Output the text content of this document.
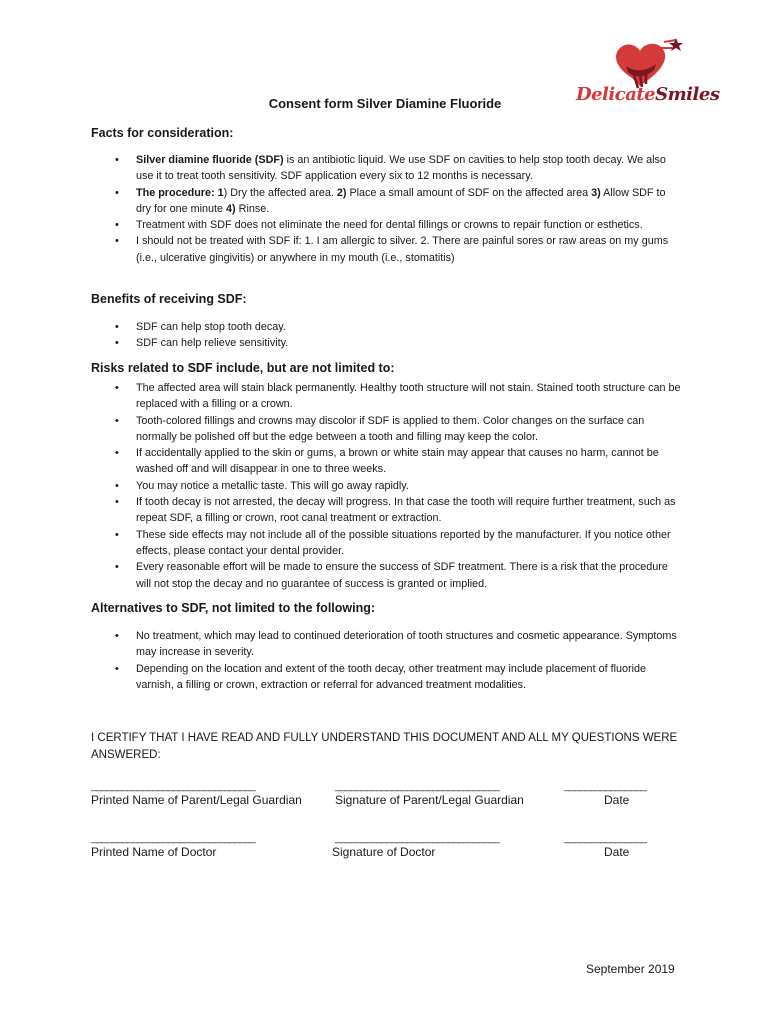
DelicateSmiles
Consent form Silver Diamine Fluoride
Facts for consideration:
• Silver diamine fluoride (SDF) is an antibiotic liquid. We use SDF on cavities to help stop tooth decay. We also use it to treat tooth sensitivity. SDF application every six to 12 months is necessary.
• The procedure: 1) Dry the affected area. 2) Place a small amount of SDF on the affected area 3) Allow SDF to dry for one minute 4) Rinse.
• Treatment with SDF does not eliminate the need for dental fillings or crowns to repair function or esthetics.
• I should not be treated with SDF if: 1. I am allergic to silver. 2. There are painful sores or raw areas on my gums (i.e., ulcerative gingivitis) or anywhere in my mouth (i.e., stomatitis)
Benefits of receiving SDF:
• SDF can help stop tooth decay.
• SDF can help relieve sensitivity.
Risks related to SDF include, but are not limited to:
• The affected area will stain black permanently. Healthy tooth structure will not stain. Stained tooth structure can be replaced with a filling or a crown.
• Tooth-colored fillings and crowns may discolor if SDF is applied to them. Color changes on the surface can normally be polished off but the edge between a tooth and filling may keep the color.
• If accidentally applied to the skin or gums, a brown or white stain may appear that causes no harm, cannot be washed off and will disappear in one to three weeks.
• You may notice a metallic taste. This will go away rapidly.
• If tooth decay is not arrested, the decay will progress. In that case the tooth will require further treatment, such as repeat SDF, a filling or crown, root canal treatment or extraction.
• These side effects may not include all of the possible situations reported by the manufacturer. If you notice other effects, please contact your dental provider.
• Every reasonable effort will be made to ensure the success of SDF treatment. There is a risk that the procedure will not stop the decay and no guarantee of success is granted or implied.
Alternatives to SDF, not limited to the following:
• No treatment, which may lead to continued deterioration of tooth structures and cosmetic appearance. Symptoms may increase in severity.
• Depending on the location and extent of the tooth decay, other treatment may include placement of fluoride varnish, a filling or crown, extraction or referral for advanced treatment modalities.
I CERTIFY THAT I HAVE READ AND FULLY UNDERSTAND THIS DOCUMENT AND ALL MY QUESTIONS WERE ANSWERED:
________________________________	________________________________	________________
Printed Name of Parent/Legal Guardian	Signature of Parent/Legal Guardian	Date
________________________________	________________________________	________________
Printed Name of Doctor	Signature of Doctor	Date
September 2019
